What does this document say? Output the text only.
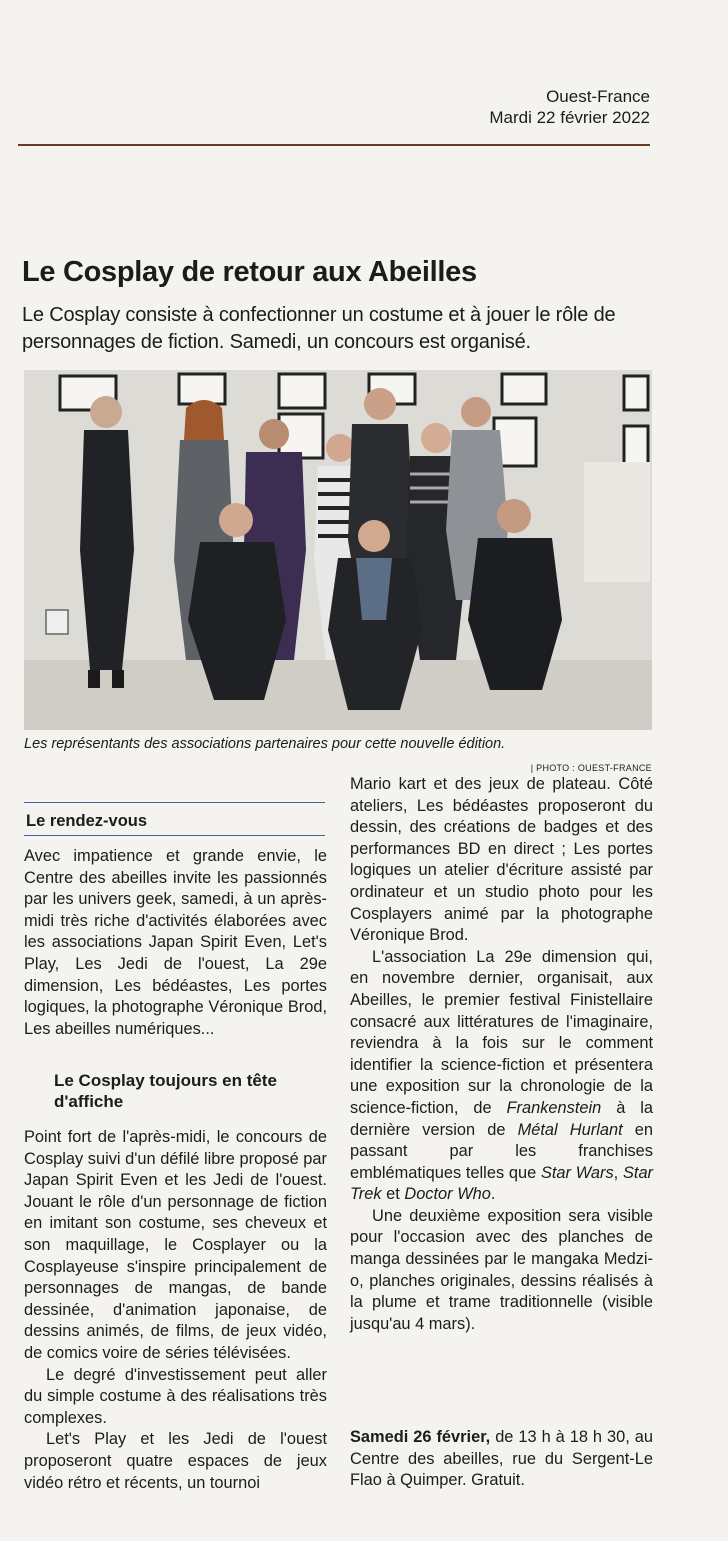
Ouest-France
Mardi 22 février 2022
Le Cosplay de retour aux Abeilles

Le Cosplay consiste à confectionner un costume et à jouer le rôle de personnages de fiction. Samedi, un concours est organisé.

Les représentants des associations partenaires pour cette nouvelle édition.
| PHOTO : OUEST-FRANCE
Le rendez-vous

Avec impatience et grande envie, le Centre des abeilles invite les passionnés par les univers geek, samedi, à un après-midi très riche d'activités élaborées avec les associations Japan Spirit Even, Let's Play, Les Jedi de l'ouest, La 29e dimension, Les bédéastes, Les portes logiques, la photographe Véronique Brod, Les abeilles numériques...

Le Cosplay toujours en tête d'affiche

Point fort de l'après-midi, le concours de Cosplay suivi d'un défilé libre proposé par Japan Spirit Even et les Jedi de l'ouest. Jouant le rôle d'un personnage de fiction en imitant son costume, ses cheveux et son maquillage, le Cosplayer ou la Cosplayeuse s'inspire principalement de personnages de mangas, de bande dessinée, d'animation japonaise, de dessins animés, de films, de jeux vidéo, de comics voire de séries télévisées.

Le degré d'investissement peut aller du simple costume à des réalisations très complexes.

Let's Play et les Jedi de l'ouest proposeront quatre espaces de jeux vidéo rétro et récents, un tournoi

Mario kart et des jeux de plateau. Côté ateliers, Les bédéastes proposeront du dessin, des créations de badges et des performances BD en direct ; Les portes logiques un atelier d'écriture assisté par ordinateur et un studio photo pour les Cosplayers animé par la photographe Véronique Brod.

L'association La 29e dimension qui, en novembre dernier, organisait, aux Abeilles, le premier festival Finistellaire consacré aux littératures de l'imaginaire, reviendra à la fois sur le comment identifier la science-fiction et présentera une exposition sur la chronologie de la science-fiction, de Frankenstein à la dernière version de Métal Hurlant en passant par les franchises emblématiques telles que Star Wars, Star Trek et Doctor Who.

Une deuxième exposition sera visible pour l'occasion avec des planches de manga dessinées par le mangaka Medzi-o, planches originales, dessins réalisés à la plume et trame traditionnelle (visible jusqu'au 4 mars).

Samedi 26 février, de 13 h à 18 h 30, au Centre des abeilles, rue du Sergent-Le Flao à Quimper. Gratuit.
